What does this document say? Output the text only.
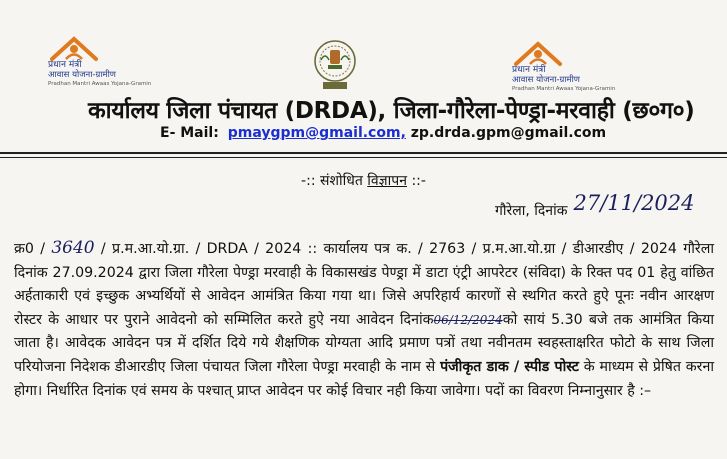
प्रधान मंत्री
आवास योजना-ग्रामीण
Pradhan Mantri Awaas Yojana-Gramin
प्रधान मंत्री
आवास योजना-ग्रामीण
Pradhan Mantri Awaas Yojana-Gramin
कार्यालय जिला पंचायत (DRDA), जिला-गौरेला-पेण्ड्रा-मरवाही (छ०ग०)
E- Mail: pmaygpm@gmail.com, zp.drda.gpm@gmail.com
-:: संशोधित विज्ञापन ::-
गौरेला, दिनांक 27/11/2024
क्र0 / 3640 / प्र.म.आ.यो.ग्रा. / DRDA / 2024 :: कार्यालय पत्र क. / 2763 / प्र.म.आ.यो.ग्रा / डीआरडीए / 2024 गौरेला दिनांक 27.09.2024 द्वारा जिला गौरेला पेण्ड्रा मरवाही के विकासखंड पेण्ड्रा में डाटा एंट्री आपरेटर (संविदा) के रिक्त पद 01 हेतु वांछित अर्हताकारी एवं इच्छुक अभ्यर्थियों से आवेदन आमंत्रित किया गया था। जिसे अपरिहार्य कारणों से स्थगित करते हुऐ पूनः नवीन आरक्षण रोस्टर के आधार पर पुराने आवेदनो को सम्मिलित करते हुऐ नया आवेदन दिनांक06/12/2024को सायं 5.30 बजे तक आमंत्रित किया जाता है। आवेदक आवेदन पत्र में दर्शित दिये गये शैक्षणिक योग्यता आदि प्रमाण पत्रों तथा नवीनतम स्वहस्ताक्षरित फोटो के साथ जिला परियोजना निदेशक डीआरडीए जिला पंचायत जिला गौरेला पेण्ड्रा मरवाही के नाम से पंजीकृत डाक / स्पीड पोस्ट के माध्यम से प्रेषित करना होगा। निर्धारित दिनांक एवं समय के पश्चात् प्राप्त आवेदन पर कोई विचार नही किया जावेगा। पदों का विवरण निम्नानुसार है :–
